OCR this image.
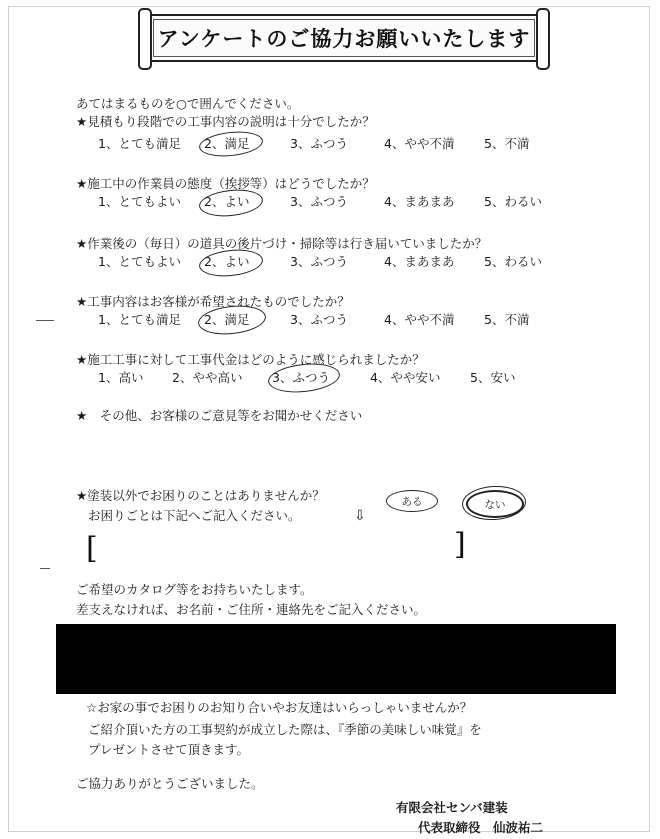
アンケートのご協力お願いいたします
あてはまるものを○で囲んでください。
★見積もり段階での工事内容の説明は十分でしたか？
1、とても満足 2、満足	3、ふつう	4、やや不満 5、不満
★施工中の作業員の態度（挨拶等）はどうでしたか？
1、とてもよい 2、よい	3、ふつう	4、まあまあ 5、わるい
★作業後の（毎日）の道具の後片づけ・掃除等は行き届いていましたか？
1、とてもよい 2、よい	3、ふつう	4、まあまあ 5、わるい
★工事内容はお客様が希望されたものでしたか？
1、とても満足 2、満足	3、ふつう	4、やや不満 5、不満
★施工工事に対して工事代金はどのように感じられましたか？
1、高い 2、やや高い 3、ふつう	4、やや安い 5、安い
★　その他、お客様のご意見等をお聞かせください
★塗装以外でお困りのことはありませんか？
お困りごとは下記へご記入ください。	⇩
ある	ない
[	]
ご希望のカタログ等をお持ちいたします。
差支えなければ、お名前・ご住所・連絡先をご記入ください。
☆お家の事でお困りのお知り合いやお友達はいらっしゃいませんか？
ご紹介頂いた方の工事契約が成立した際は、『季節の美味しい味覚』を
プレゼントさせて頂きます。
ご協力ありがとうございました。
有限会社センバ建装
代表取締役　仙波祐二
